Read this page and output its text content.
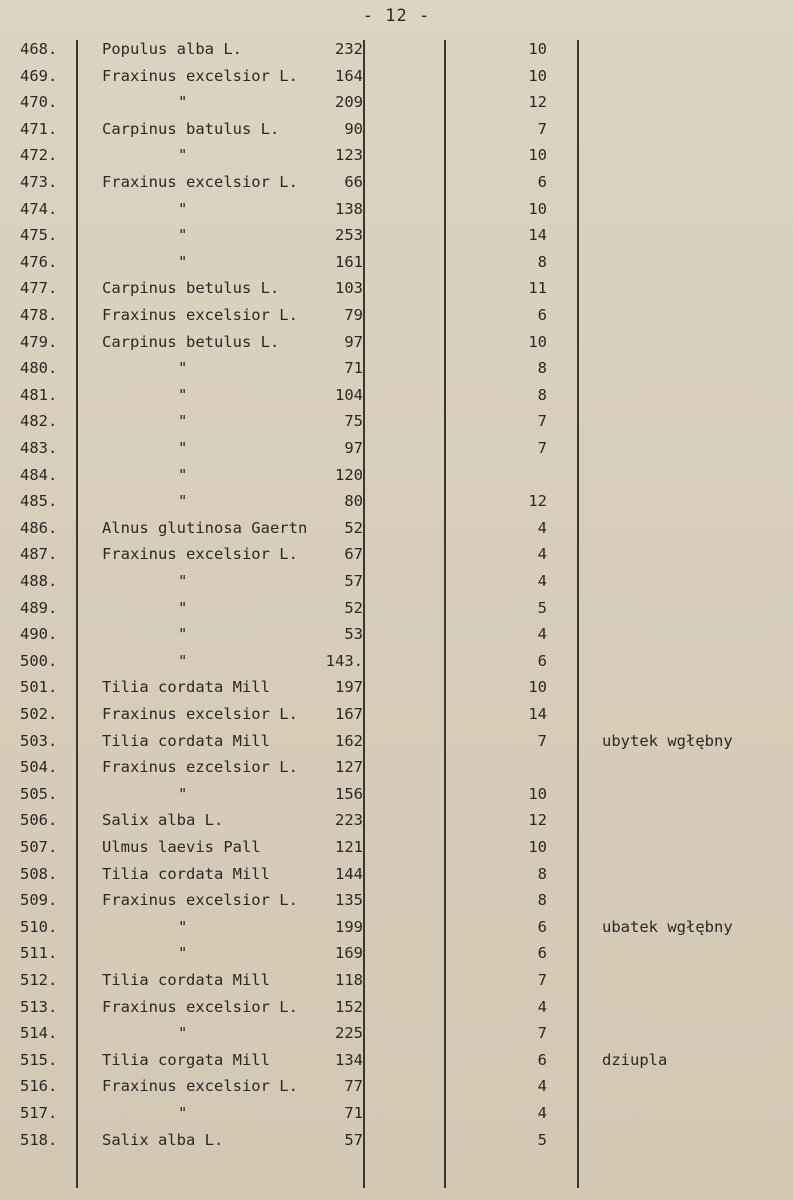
- 12 -
468.	Populus alba L.	232	10
469.	Fraxinus excelsior L. 164	10
470.	"	209	12
471.	Carpinus batulus L.	90	7
472.	"	123	10
473.	Fraxinus excelsior L.	66	6
474.	"	138	10
475.	"	253	14
476.	"	161	8
477.	Carpinus betulus L.	103	11
478.	Fraxinus excelsior L.	79	6
479.	Carpinus betulus L.	97	10
480.	"	71	8
481.	"	104	8
482.	"	75	7
483.	"	97	7
484.	"	120
485.	"	80	12
486.	Alnus glutinosa Gaertn 52	4
487.	Fraxinus excelsior L.	67	4
488.	"	57	4
489.	"	52	5
490.	"	53	4
500.	"	143.	6
501.	Tilia cordata Mill	197	10
502.	Fraxinus excelsior L. 167	14
503.	Tilia cordata Mill	162	7	ubytek wgłębny
504.	Fraxinus ezcelsior L. 127
505.	"	156	10
506.	Salix alba L.	223	12
507.	Ulmus laevis Pall	121	10
508.	Tilia cordata Mill	144	8
509.	Fraxinus excelsior L. 135	8
510.	"	199	6	ubatek wgłębny
511.	"	169	6
512.	Tilia cordata Mill	118	7
513.	Fraxinus excelsior L. 152	4
514.	"	225	7
515.	Tilia corgata Mill	134	6	dziupla
516.	Fraxinus excelsior L.	77	4
517.	"	71	4
518.	Salix alba L.	57	5
